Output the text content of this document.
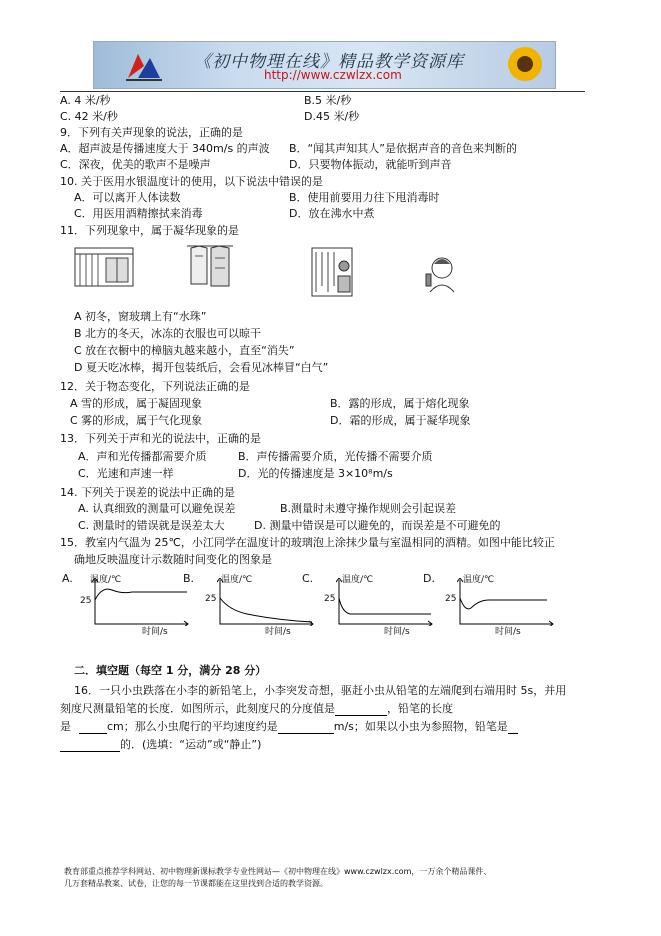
《初中物理在线》精品教学资源库
http://www.czwlzx.com
A. 4 米/秒	B.5 米/秒
C. 42 米/秒	D.45 米/秒
9．下列有关声现象的说法，正确的是
A．超声波是传播速度大于 340m/s 的声波 B．“闻其声知其人”是依据声音的音色来判断的
C．深夜，优美的歌声不是噪声	D．只要物体振动，就能听到声音
10. 关于医用水银温度计的使用，以下说法中错误的是
A．可以离开人体读数	B．使用前要用力往下甩消毒时
C．用医用酒精擦拭来消毒	D．放在沸水中煮
11．下列现象中，属于凝华现象的是
A 初冬，窗玻璃上有“水珠”
B 北方的冬天，冰冻的衣服也可以晾干
C 放在衣橱中的樟脑丸越来越小，直至“消失”
D 夏天吃冰棒，揭开包装纸后，会看见冰棒冒“白气”
12．关于物态变化，下列说法正确的是
A 雪的形成，属于凝固现象	B．露的形成，属于熔化现象
C 雾的形成，属于气化现象	D．霜的形成，属于凝华现象
13．下列关于声和光的说法中，正确的是
A．声和光传播都需要介质	B．声传播需要介质，光传播不需要介质
C．光速和声速一样	D．光的传播速度是 3×10⁸m/s
14. 下列关于误差的说法中正确的是
A. 认真细致的测量可以避免误差	B.测量时未遵守操作规则会引起误差
C. 测量时的错误就是误差太大	D. 测量中错误是可以避免的，而误差是不可避免的
15．教室内气温为 25℃，小江同学在温度计的玻璃泡上涂抹少量与室温相同的酒精。如图中能比较正
确地反映温度计示数随时间变化的图象是
A. 温度/℃
25
时间/s
B.	温度/℃
25
时间/s
C.	温度/℃
25
时间/s
D.	温度/℃
25
时间/s
二．填空题（每空 1 分，满分 28 分）
16．一只小虫跌落在小李的新铅笔上，小李突发奇想，驱赶小虫从铅笔的左端爬到右端用时 5s，并用
刻度尺测量铅笔的长度．如图所示，此刻度尺的分度值是	，铅笔的长度
是	cm；那么小虫爬行的平均速度约是	m/s；如果以小虫为参照物，铅笔是
的．(选填：“运动”或“静止”)
教育部重点推荐学科网站、初中物理新课标教学专业性网站—《初中物理在线》www.czwlzx.com，一万余个精品课件、
几万套精品教案、试卷，让您的每一节课都能在这里找到合适的教学资源。
